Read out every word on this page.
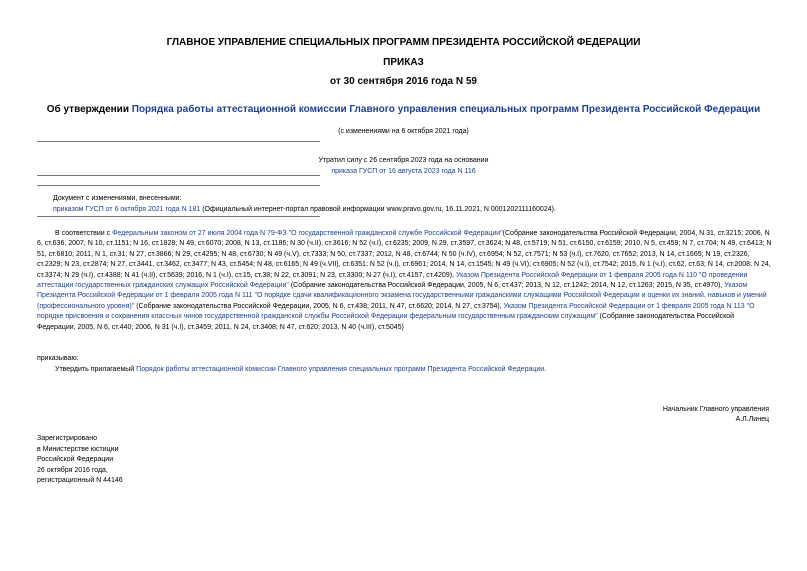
ГЛАВНОЕ УПРАВЛЕНИЕ СПЕЦИАЛЬНЫХ ПРОГРАММ ПРЕЗИДЕНТА РОССИЙСКОЙ ФЕДЕРАЦИИ
ПРИКАЗ
от 30 сентября 2016 года N 59
Об утверждении Порядка работы аттестационной комиссии Главного управления специальных программ Президента Российской Федерации
(с изменениями на 6 октября 2021 года)
Утратил силу с 26 сентября 2023 года на основании
приказа ГУСП от 16 августа 2023 года N 116
Документ с изменениями, внесенными:
приказом ГУСП от 6 октября 2021 года N 181 (Официальный интернет-портал правовой информации www.pravo.gov.ru, 16.11.2021, N 0001202111160024).
В соответствии с Федеральным законом от 27 июля 2004 года N 79-ФЗ "О государственной гражданской службе Российской Федерации"(Собрание законодательства Российской Федерации, 2004, N 31, ст.3215; 2006, N 6, ст.636, 2007, N 10, ст.1151; N 16, ст.1828; N 49, ст.6070; 2008, N 13, ст.1186; N 30 (ч.II), ст.3616; N 52 (ч.I), ст.6235; 2009, N 29, ст.3597, ст.3624; N 48, ст.5719; N 51, ст.6150, ст.6159; 2010, N 5, ст.459; N 7, ст.704; N 49, ст.6413; N 51, ст.6810; 2011, N 1, ст.31; N 27, ст.3866; N 29, ст.4295; N 48, ст.6730; N 49 (ч.V), ст.7333; N 50, ст.7337; 2012, N 48, ст.6744; N 50 (ч.IV), ст.6954; N 52, ст.7571; N 53 (ч.I), ст.7620, ст.7652; 2013, N 14, ст.1665; N 19, ст.2326, ст.2329; N 23, ст.2874; N 27, ст.3441, ст.3462, ст.3477; N 43, ст.5454; N 48, ст.6165; N 49 (ч.VII), ст.6351; N 52 (ч.I), ст.6961; 2014, N 14, ст.1545; N 49 (ч.VI), ст.6905; N 52 (ч.I), ст.7542; 2015, N 1 (ч.I), ст.62, ст.63; N 14, ст.2008; N 24, ст.3374; N 29 (ч.I), ст.4388; N 41 (ч.II), ст.5639; 2016, N 1 (ч.I), ст.15, ст.38; N 22, ст.3091; N 23, ст.3300; N 27 (ч.I), ст.4157, ст.4209), Указом Президента Российской Федерации от 1 февраля 2005 года N 110 "О проведении аттестации государственных гражданских служащих Российской Федерации" (Собрание законодательства Российской Федерации, 2005, N 6, ст.437; 2013, N 12, ст.1242; 2014, N 12, ст.1263; 2015, N 35, ст.4970), Указом Президента Российской Федерации от 1 февраля 2005 года N 111 "О порядке сдачи квалификационного экзамена государственными гражданскими служащими Российской Федерации и оценки их знаний, навыков и умений (профессионального уровня)" (Собрание законодательства Российской Федерации, 2005, N 6, ст.438; 2011, N 47, ст.6620; 2014, N 27, ст.3754), Указом Президента Российской Федерации от 1 февраля 2005 года N 113 "О порядке присвоения и сохранения классных чинов государственной гражданской службы Российской Федерации федеральным государственным гражданским служащим" (Собрание законодательства Российской Федерации, 2005, N 6, ст.440; 2006, N 31 (ч.I), ст.3459; 2011, N 24, ст.3408; N 47, ст.620; 2013, N 40 (ч.III), ст.5045)
приказываю:
Утвердить прилагаемый Порядок работы аттестационной комиссии Главного управления специальных программ Президента Российской Федерации.
Начальник Главного управления
А.Л.Линец
Зарегистрировано
в Министерстве юстиции
Российской Федерации
26 октября 2016 года,
регистрационный N 44146
